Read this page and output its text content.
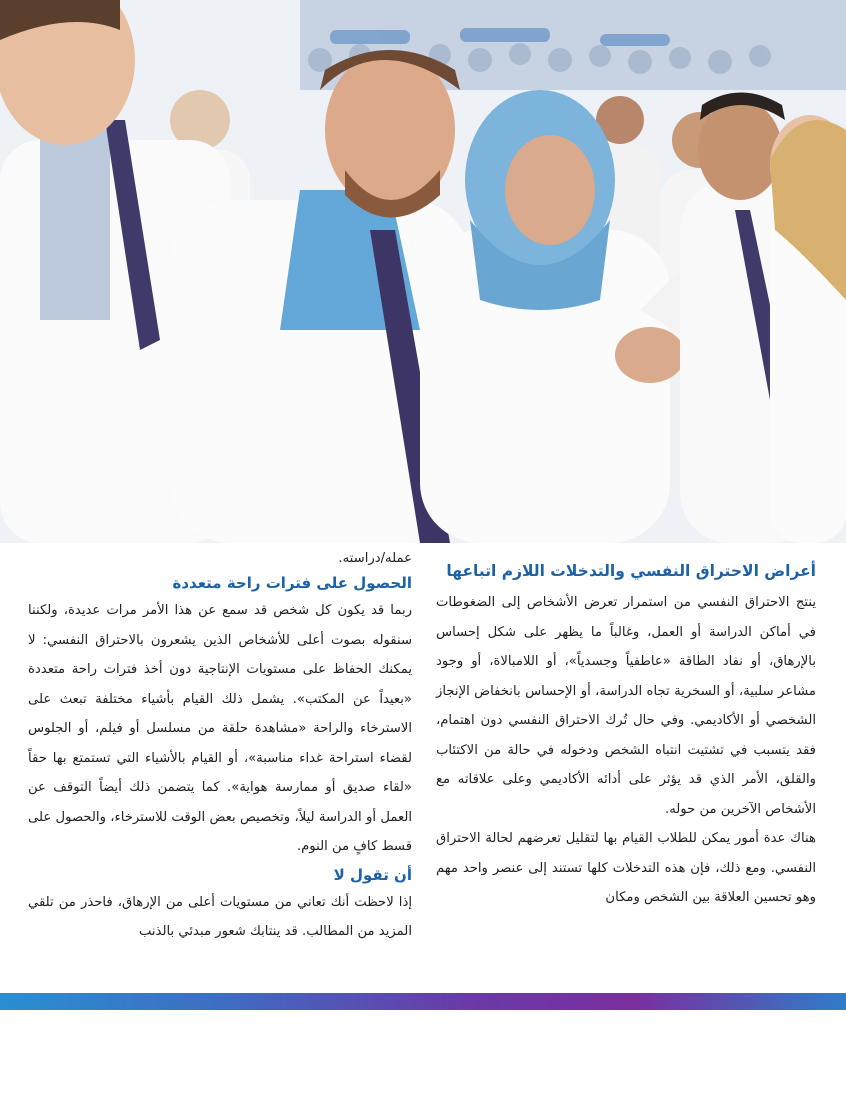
أعراض الاحتراق النفسي والتدخلات اللازم اتباعها

ينتج الاحتراق النفسي من استمرار تعرض الأشخاص إلى الضغوطات في أماكن الدراسة أو العمل، وغالباً ما يظهر على شكل إحساس بالإرهاق، أو نفاد الطاقة «عاطفياً وجسدياً»، أو اللامبالاة، أو وجود مشاعر سلبية، أو السخرية تجاه الدراسة، أو الإحساس بانخفاض الإنجاز الشخصي أو الأكاديمي. وفي حال تُرك الاحتراق النفسي دون اهتمام، فقد يتسبب في تشتيت انتباه الشخص ودخوله في حالة من الاكتئاب والقلق، الأمر الذي قد يؤثر على أدائه الأكاديمي وعلى علاقاته مع الأشخاص الآخرين من حوله.

هناك عدة أمور يمكن للطلاب القيام بها لتقليل تعرضهم لحالة الاحتراق النفسي. ومع ذلك، فإن هذه التدخلات كلها تستند إلى عنصر واحد مهم وهو تحسين العلاقة بين الشخص ومكان

عمله/دراسته.

الحصول على فترات راحة متعددة

ربما قد يكون كل شخص قد سمع عن هذا الأمر مرات عديدة، ولكننا سنقوله بصوت أعلى للأشخاص الذين يشعرون بالاحتراق النفسي: لا يمكنك الحفاظ على مستويات الإنتاجية دون أخذ فترات راحة متعددة «بعيداً عن المكتب». يشمل ذلك القيام بأشياء مختلفة تبعث على الاسترخاء والراحة «مشاهدة حلقة من مسلسل أو فيلم، أو الجلوس لقضاء استراحة غداء مناسبة»، أو القيام بالأشياء التي تستمتع بها حقاً «لقاء صديق أو ممارسة هواية». كما يتضمن ذلك أيضاً التوقف عن العمل أو الدراسة ليلاً، وتخصيص بعض الوقت للاسترخاء، والحصول على قسط كافٍ من النوم.

أن تقول لا

إذا لاحظت أنك تعاني من مستويات أعلى من الإرهاق، فاحذر من تلقي المزيد من المطالب. قد ينتابك شعور مبدئي بالذنب
